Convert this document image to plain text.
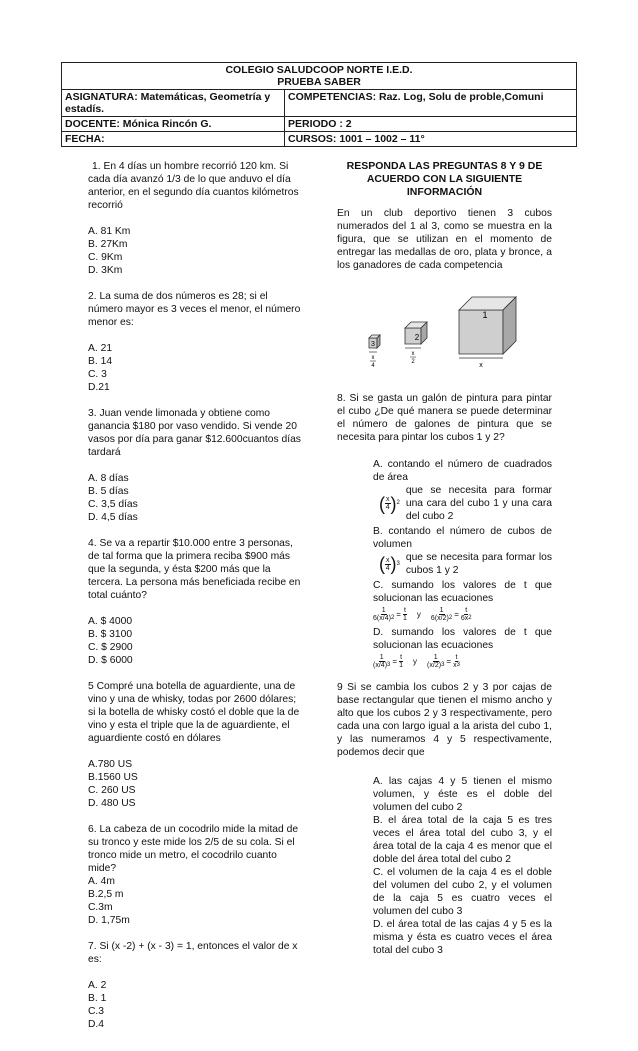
COLEGIO SALUDCOOP NORTE I.E.D.
PRUEBA SABER	

ASIGNATURA: Matemáticas, Geometría y estadís.	COMPETENCIAS: Raz. Log, Solu de proble,Comuni
DOCENTE: Mónica Rincón G.	PERIODO : 2
FECHA:	CURSOS: 1001 – 1002 – 11°

1. En 4 días un hombre recorrió 120 km. Si cada día avanzó 1/3 de lo que anduvo el día anterior, en el segundo día cuantos kilómetros recorrió

A. 81 Km
B. 27Km
C. 9Km
D. 3Km

2. La suma de dos números es 28; si el número mayor es 3 veces el menor, el número menor es:

A. 21
B. 14
C. 3
D.21

3. Juan vende limonada y obtiene como ganancia $180 por vaso vendido. Si vende 20 vasos por día para ganar $12.600cuantos días tardará

A. 8 días
B. 5 días
C. 3,5 días
D. 4,5 días

4. Se va a repartir $10.000 entre 3 personas, de tal forma que la primera reciba $900 más que la segunda, y ésta $200 más que la tercera. La persona más beneficiada recibe en total cuánto?

A. $ 4000
B. $ 3100
C. $ 2900
D. $ 6000

5 Compré una botella de aguardiente, una de vino y una de whisky, todas por 2600 dólares; si la botella de whisky costó el doble que la de vino y esta el triple que la de aguardiente, el aguardiente costó en dólares

A.780 US
B.1560 US
C. 260 US
D. 480 US

6. La cabeza de un cocodrilo mide la mitad de su tronco y este mide los 2/5 de su cola. Si el tronco mide un metro, el cocodrilo cuanto mide?

A. 4m
B.2,5 m
C.3m
D. 1,75m

7. Si (x -2) + (x - 3) = 1, entonces el valor de x es:

A. 2
B. 1
C.3
D.4
RESPONDA LAS PREGUNTAS 8 Y 9 DE ACUERDO CON LA SIGUIENTE INFORMACIÓN

En un club deportivo tienen 3 cubos numerados del 1 al 3, como se muestra en la figura, que se utilizan en el momento de entregar las medallas de oro, plata y bronce, a los ganadores de cada competencia

3
2
1
x
4
x
2	x

8. Si se gasta un galón de pintura para pintar el cubo ¿De qué manera se puede determinar el número de galones de pintura que se necesita para pintar los cubos 1 y 2?

A. contando el número de cuadrados de área
( $\frac{x}{4}$ ) 2
que se necesita para formar una cara del cubo 1 y una cara del cubo 2
B. contando el número de cubos de volumen
( $\frac{x}{4}$ ) 3
que se necesita para formar los cubos 1 y 2
C. sumando los valores de t que solucionan las ecuaciones
$\frac{1}{6(x/4)2} = \frac{t}{1}$ y $\frac{1}{6(x/2)2} = \frac{t}{6x2}$
D. sumando los valores de t que solucionan las ecuaciones
$\frac{1}{(x/4)3} = \frac{t}{1}$ y $\frac{1}{(x/2)3} = \frac{t}{x3}$

9 Si se cambia los cubos 2 y 3 por cajas de base rectangular que tienen el mismo ancho y alto que los cubos 2 y 3 respectivamente, pero cada una con largo igual a la arista del cubo 1, y las numeramos 4 y 5 respectivamente, podemos decir que

A. las cajas 4 y 5 tienen el mismo volumen, y éste es el doble del volumen del cubo 2
B. el área total de la caja 5 es tres veces el área total del cubo 3, y el área total de la caja 4 es menor que el doble del área total del cubo 2
C. el volumen de la caja 4 es el doble del volumen del cubo 2, y el volumen de la caja 5 es cuatro veces el volumen del cubo 3
D. el área total de las cajas 4 y 5 es la misma y ésta es cuatro veces el área total del cubo 3
